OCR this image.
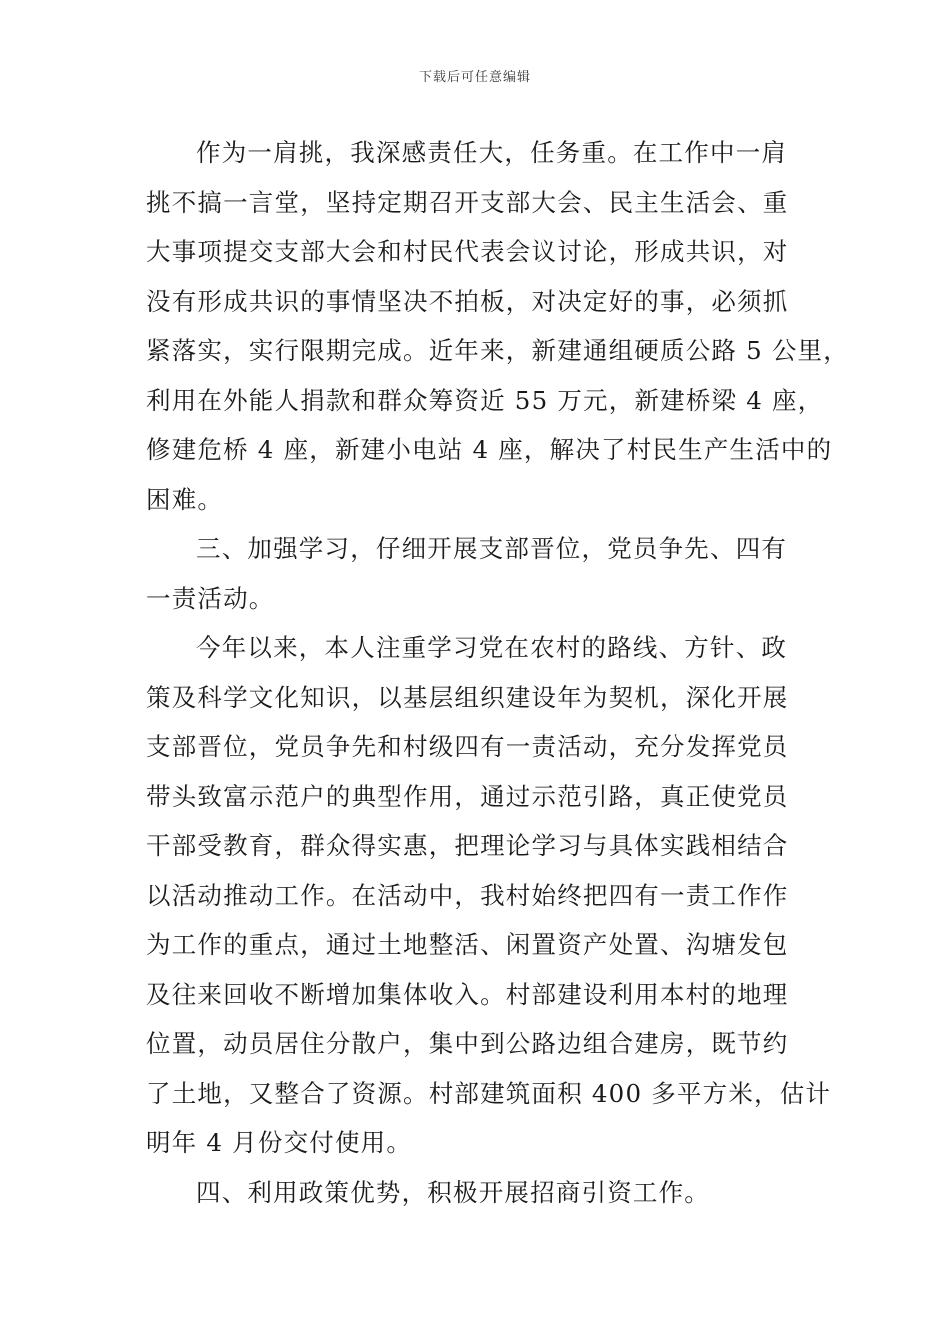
下载后可任意编辑
作为一肩挑，我深感责任大，任务重。在工作中一肩
挑不搞一言堂，坚持定期召开支部大会、民主生活会、重
大事项提交支部大会和村民代表会议讨论，形成共识，对
没有形成共识的事情坚决不拍板，对决定好的事，必须抓
紧落实，实行限期完成。近年来，新建通组硬质公路 5 公里，
利用在外能人捐款和群众筹资近 55 万元，新建桥梁 4 座，
修建危桥 4 座，新建小电站 4 座，解决了村民生产生活中的
困难。
三、加强学习，仔细开展支部晋位，党员争先、四有
一责活动。
今年以来，本人注重学习党在农村的路线、方针、政
策及科学文化知识，以基层组织建设年为契机，深化开展
支部晋位，党员争先和村级四有一责活动，充分发挥党员
带头致富示范户的典型作用，通过示范引路，真正使党员
干部受教育，群众得实惠，把理论学习与具体实践相结合
以活动推动工作。在活动中，我村始终把四有一责工作作
为工作的重点，通过土地整活、闲置资产处置、沟塘发包
及往来回收不断增加集体收入。村部建设利用本村的地理
位置，动员居住分散户，集中到公路边组合建房，既节约
了土地，又整合了资源。村部建筑面积 400 多平方米，估计
明年 4 月份交付使用。
四、利用政策优势，积极开展招商引资工作。
